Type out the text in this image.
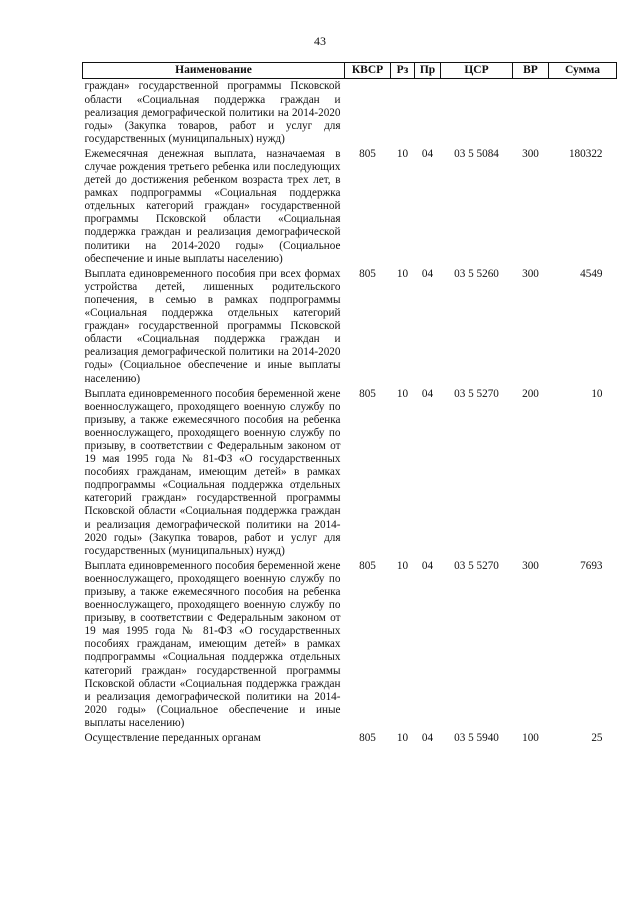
43
Наименование	КВСР	Рз	Пр	ЦСР	ВР	Сумма
граждан» государственной программы Псковской области «Социальная поддержка граждан и реализация демографической политики на 2014-2020 годы» (Закупка товаров, работ и услуг для государственных (муниципальных) нужд)						
Ежемесячная денежная выплата, назначаемая в случае рождения третьего ребенка или последующих детей до достижения ребенком возраста трех лет, в рамках подпрограммы «Социальная поддержка отдельных категорий граждан» государственной программы Псковской области «Социальная поддержка граждан и реализация демографической политики на 2014-2020 годы» (Социальное обеспечение и иные выплаты населению)	805	10	04	03 5 5084	300	180322
Выплата единовременного пособия при всех формах устройства детей, лишенных родительского попечения, в семью в рамках подпрограммы «Социальная поддержка отдельных категорий граждан» государственной программы Псковской области «Социальная поддержка граждан и реализация демографической политики на 2014-2020 годы» (Социальное обеспечение и иные выплаты населению)	805	10	04	03 5 5260	300	4549
Выплата единовременного пособия беременной жене военнослужащего, проходящего военную службу по призыву, а также ежемесячного пособия на ребенка военнослужащего, проходящего военную службу по призыву, в соответствии с Федеральным законом от 19 мая 1995 года № 81-ФЗ «О государственных пособиях гражданам, имеющим детей» в рамках подпрограммы «Социальная поддержка отдельных категорий граждан» государственной программы Псковской области «Социальная поддержка граждан и реализация демографической политики на 2014-2020 годы» (Закупка товаров, работ и услуг для государственных (муниципальных) нужд)	805	10	04	03 5 5270	200	10
Выплата единовременного пособия беременной жене военнослужащего, проходящего военную службу по призыву, а также ежемесячного пособия на ребенка военнослужащего, проходящего военную службу по призыву, в соответствии с Федеральным законом от 19 мая 1995 года № 81-ФЗ «О государственных пособиях гражданам, имеющим детей» в рамках подпрограммы «Социальная поддержка отдельных категорий граждан» государственной программы Псковской области «Социальная поддержка граждан и реализация демографической политики на 2014-2020 годы» (Социальное обеспечение и иные выплаты населению)	805	10	04	03 5 5270	300	7693
Осуществление переданных органам	805	10	04	03 5 5940	100	25
